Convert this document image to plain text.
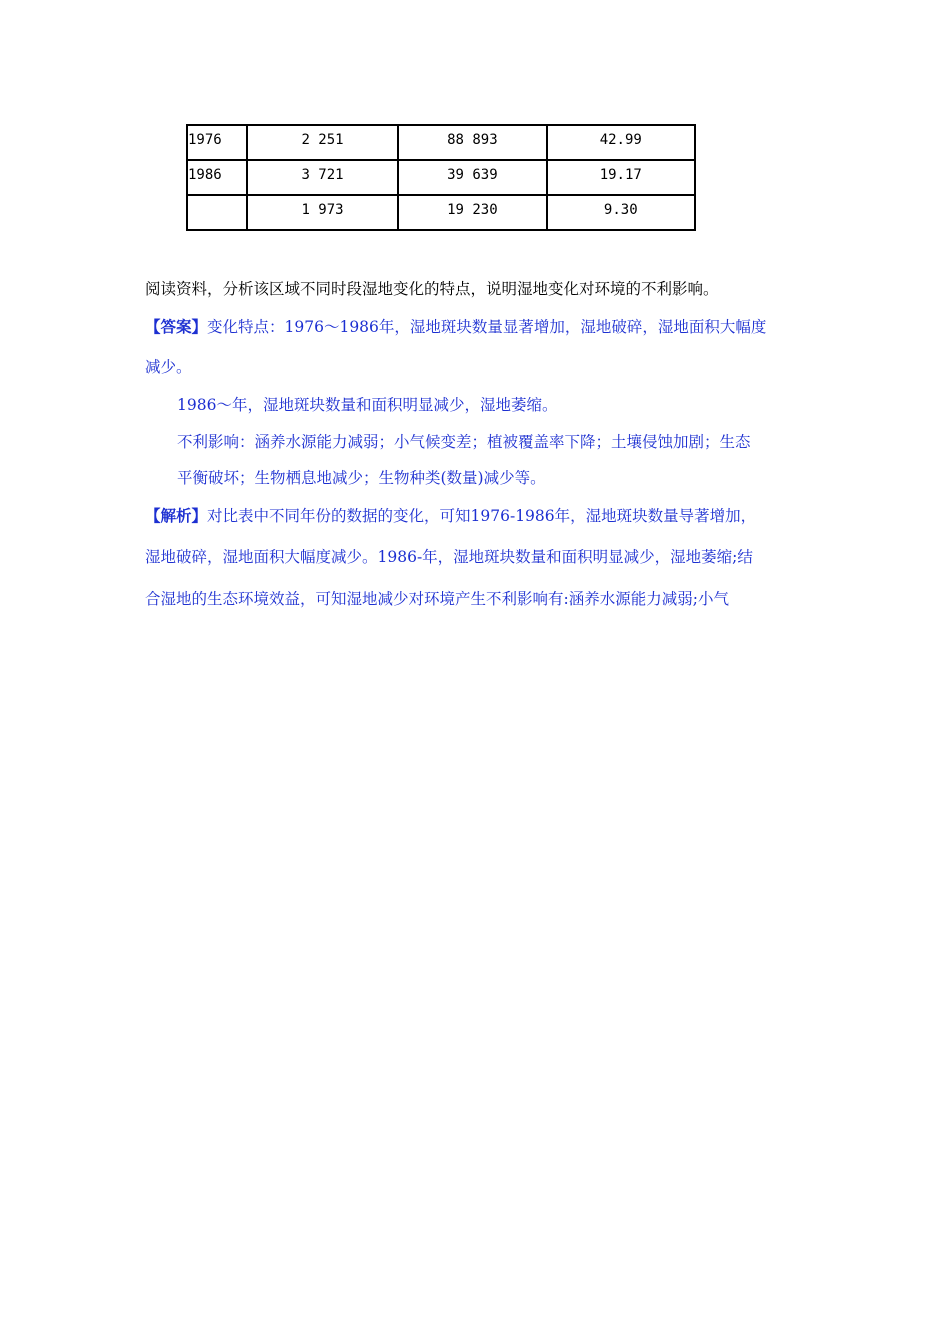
1976	2 251	88 893	42.99
1986	3 721	39 639	19.17
	1 973	19 230	9.30
阅读资料，分析该区域不同时段湿地变化的特点，说明湿地变化对环境的不利影响。
【答案】变化特点：1976～1986年，湿地斑块数量显著增加，湿地破碎，湿地面积大幅度
减少。
1986～年，湿地斑块数量和面积明显减少，湿地萎缩。
不利影响：涵养水源能力减弱；小气候变差；植被覆盖率下降；土壤侵蚀加剧；生态
平衡破坏；生物栖息地减少；生物种类(数量)减少等。
【解析】对比表中不同年份的数据的变化，可知1976-1986年，湿地斑块数量导著增加，
湿地破碎，湿地面积大幅度减少。1986-年，湿地斑块数量和面积明显减少，湿地萎缩;结
合湿地的生态环境效益，可知湿地减少对环境产生不利影响有:涵养水源能力减弱;小气
